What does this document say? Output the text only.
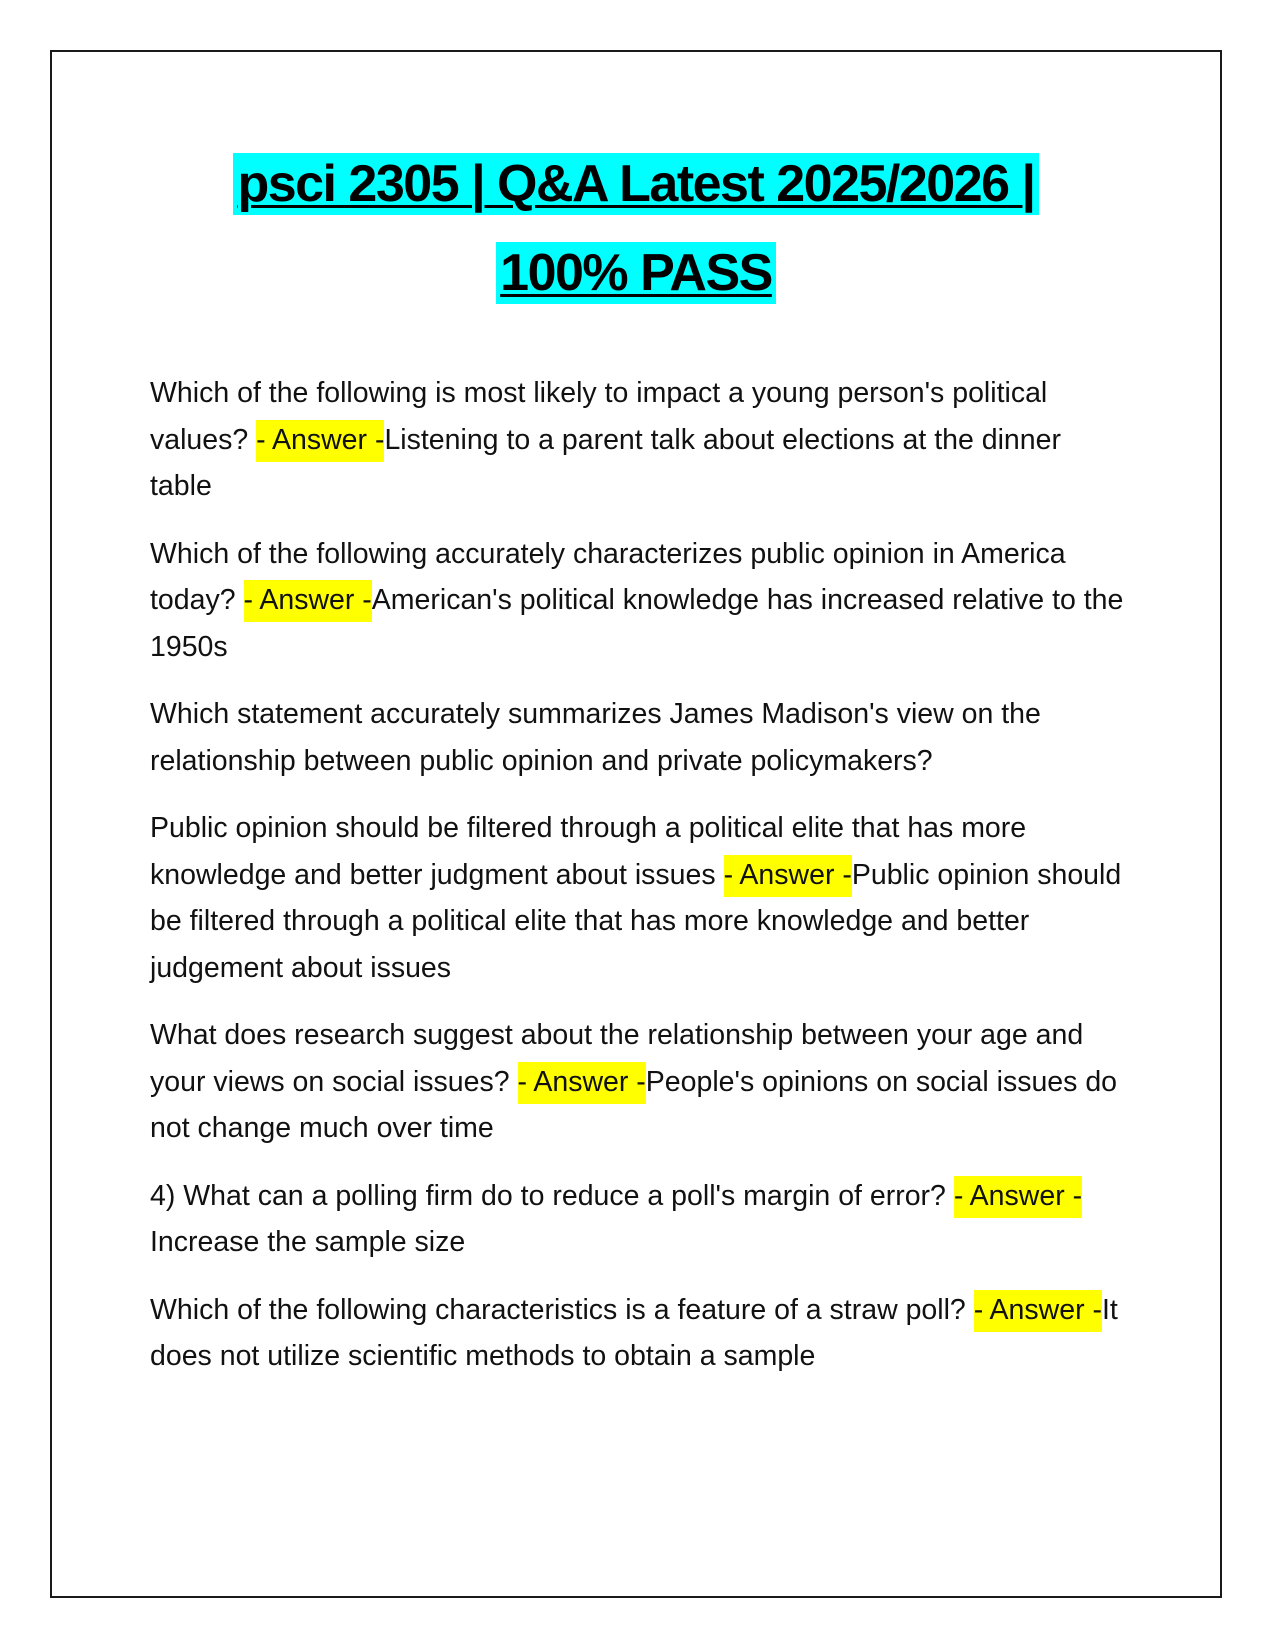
psci 2305 | Q&A Latest 2025/2026 |
100% PASS

Which of the following is most likely to impact a young person's political values? - Answer -Listening to a parent talk about elections at the dinner table

Which of the following accurately characterizes public opinion in America today? - Answer -American's political knowledge has increased relative to the 1950s

Which statement accurately summarizes James Madison's view on the relationship between public opinion and private policymakers?

Public opinion should be filtered through a political elite that has more knowledge and better judgment about issues - Answer -Public opinion should be filtered through a political elite that has more knowledge and better judgement about issues

What does research suggest about the relationship between your age and your views on social issues? - Answer -People's opinions on social issues do not change much over time

4) What can a polling firm do to reduce a poll's margin of error? - Answer -Increase the sample size

Which of the following characteristics is a feature of a straw poll? - Answer -It does not utilize scientific methods to obtain a sample
